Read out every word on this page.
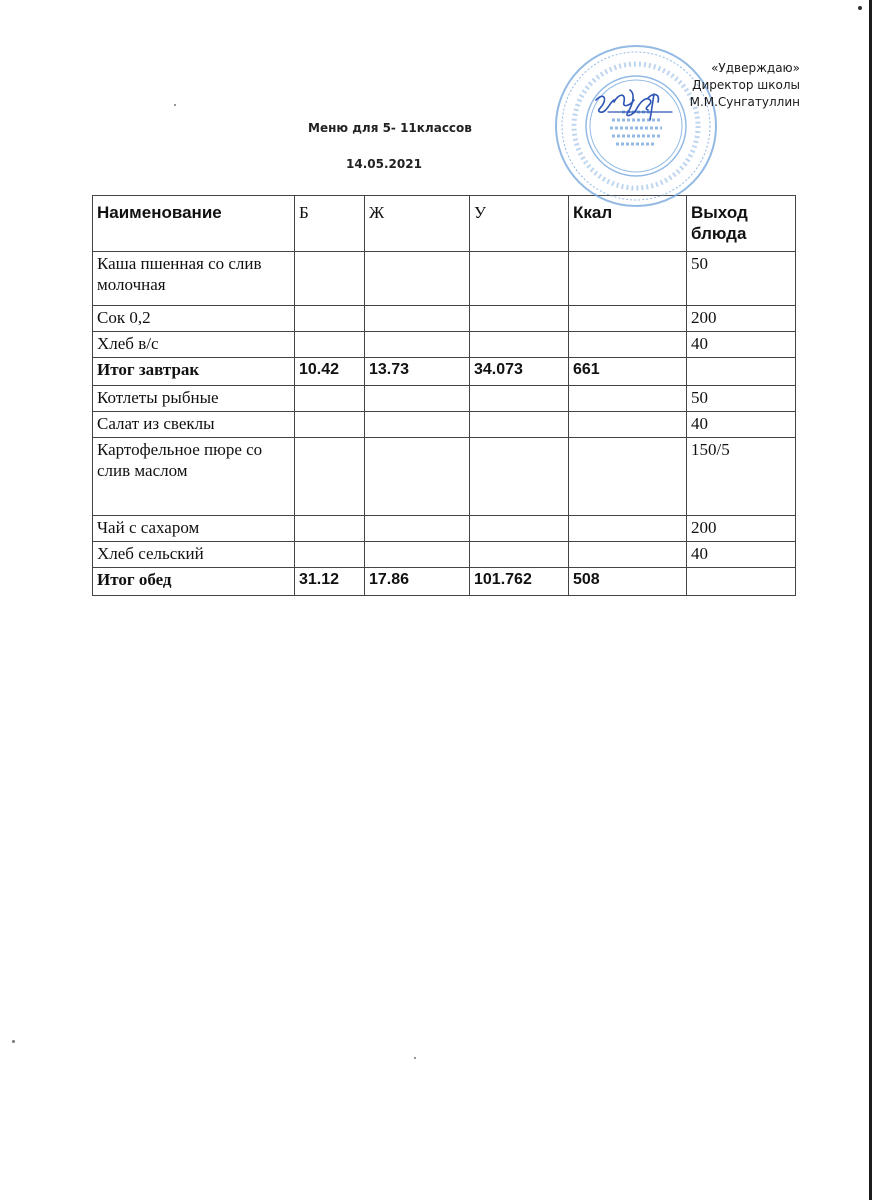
«Удверждаю»
Директор школы
М.М.Сунгатуллин
Меню для 5- 11классов
14.05.2021
Наименование	Б	Ж	У	Ккал	Выход блюда
Каша пшенная со слив молочная					50
Сок 0,2					200
Хлеб в/с					40
Итог завтрак	10.42	13.73	34.073	661	
Котлеты рыбные					50
Салат из свеклы					40
Картофельное пюре со слив маслом					150/5
Чай с сахаром					200
Хлеб сельский					40
Итог обед	31.12	17.86	101.762	508	
